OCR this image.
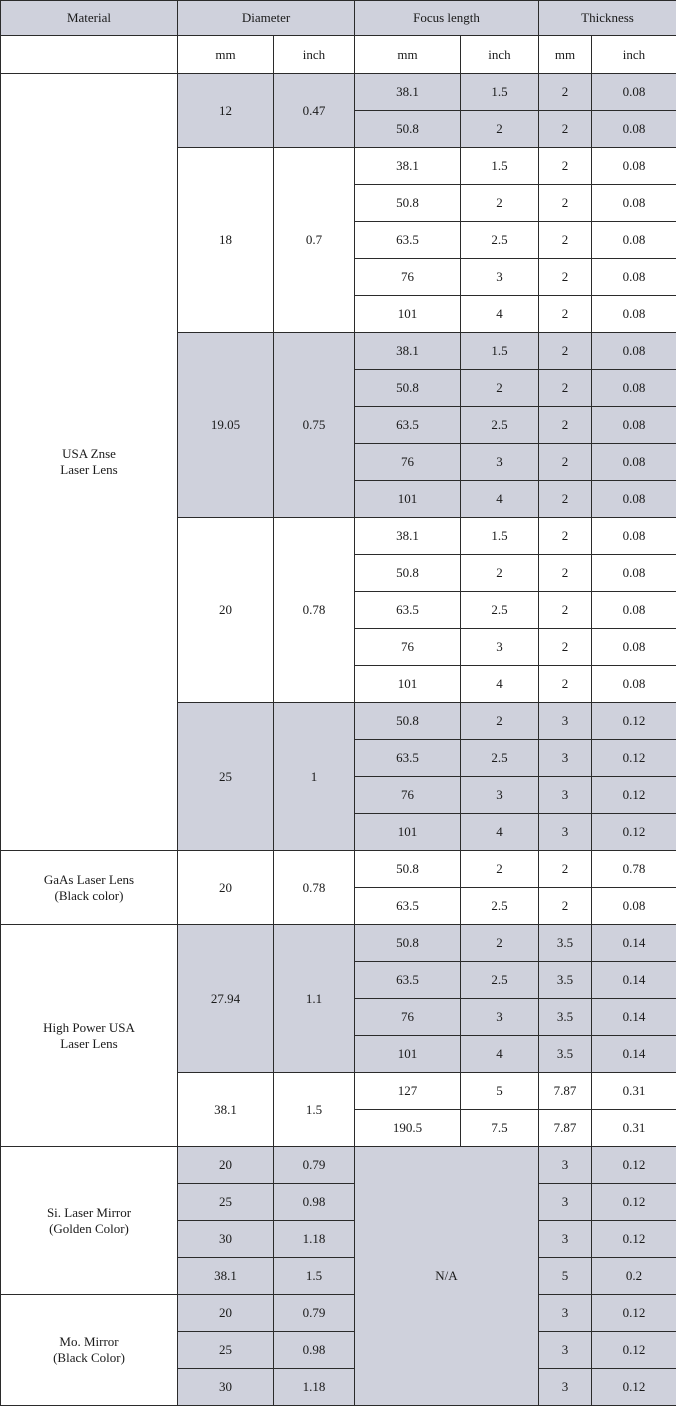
Material	Diameter		Focus length		Thickness	
	mm	inch	mm	inch	mm	inch
USA Znse
Laser Lens	12	0.47	38.1	1.5	2	0.08
			50.8	2	2	0.08
	18	0.7	38.1	1.5	2	0.08
			50.8	2	2	0.08
			63.5	2.5	2	0.08
			76	3	2	0.08
			101	4	2	0.08
	19.05	0.75	38.1	1.5	2	0.08
			50.8	2	2	0.08
			63.5	2.5	2	0.08
			76	3	2	0.08
			101	4	2	0.08
	20	0.78	38.1	1.5	2	0.08
			50.8	2	2	0.08
			63.5	2.5	2	0.08
			76	3	2	0.08
			101	4	2	0.08
	25	1	50.8	2	3	0.12
			63.5	2.5	3	0.12
			76	3	3	0.12
			101	4	3	0.12
GaAs Laser Lens
(Black color)	20	0.78	50.8	2	2	0.78
			63.5	2.5	2	0.08
High Power USA
Laser Lens	27.94	1.1	50.8	2	3.5	0.14
			63.5	2.5	3.5	0.14
			76	3	3.5	0.14
			101	4	3.5	0.14
	38.1	1.5	127	5	7.87	0.31
			190.5	7.5	7.87	0.31
Si. Laser Mirror
(Golden Color)	20	0.79	N/A		3	0.12
	25	0.98			3	0.12
	30	1.18			3	0.12
	38.1	1.5			5	0.2
Mo. Mirror
(Black Color)	20	0.79			3	0.12
	25	0.98			3	0.12
	30	1.18			3	0.12
